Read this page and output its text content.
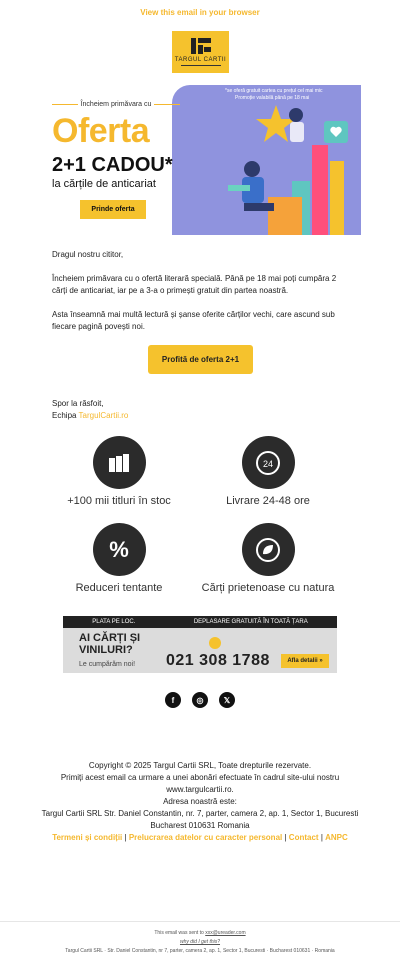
View this email in your browser
TARGUL CARTII
*se oferă gratuit cartea cu prețul cel mai mic
Promoție valabilă până pe 18 mai
Încheiem primăvara cu
Oferta
2+1 CADOU*
la cărțile de anticariat
Prinde oferta
Dragul nostru cititor,
Încheiem primăvara cu o ofertă literară specială. Până pe 18 mai poți cumpăra 2 cărți de anticariat, iar pe a 3-a o primești gratuit din partea noastră.
Asta înseamnă mai multă lectură și șanse oferite cărților vechi, care ascund sub fiecare pagină povești noi.
Profită de oferta 2+1
Spor la răsfoit,
Echipa TargulCartii.ro
+100 mii titluri în stoc
24
Livrare 24-48 ore
%
Reduceri tentante	Cărți prietenoase cu natura
PLATA PE LOC.	DEPLASARE GRATUITĂ ÎN TOATĂ ȚARA
AI CĂRȚI ȘI
VINILURI?
Le cumpărăm noi! 021 308 1788	Afla detalii »
f	◎	𝕏
Copyright © 2025 Targul Cartii SRL, Toate drepturile rezervate.
Primiți acest email ca urmare a unei abonări efectuate în cadrul site-ului nostru www.targulcartii.ro.
Adresa noastră este:
Targul Cartii SRL Str. Daniel Constantin, nr. 7, parter, camera 2, ap. 1, Sector 1, Bucuresti Bucharest 010631 Romania
Termeni și condiții | Prelucrarea datelor cu caracter personal | Contact | ANPC
This email was sent to xxx@ureader.com
why did I get this?
Targul Cartii SRL · Str. Daniel Constantin, nr 7, parter, camera 2, ap. 1, Sector 1, Bucuresti · Bucharest 010631 · Romania
